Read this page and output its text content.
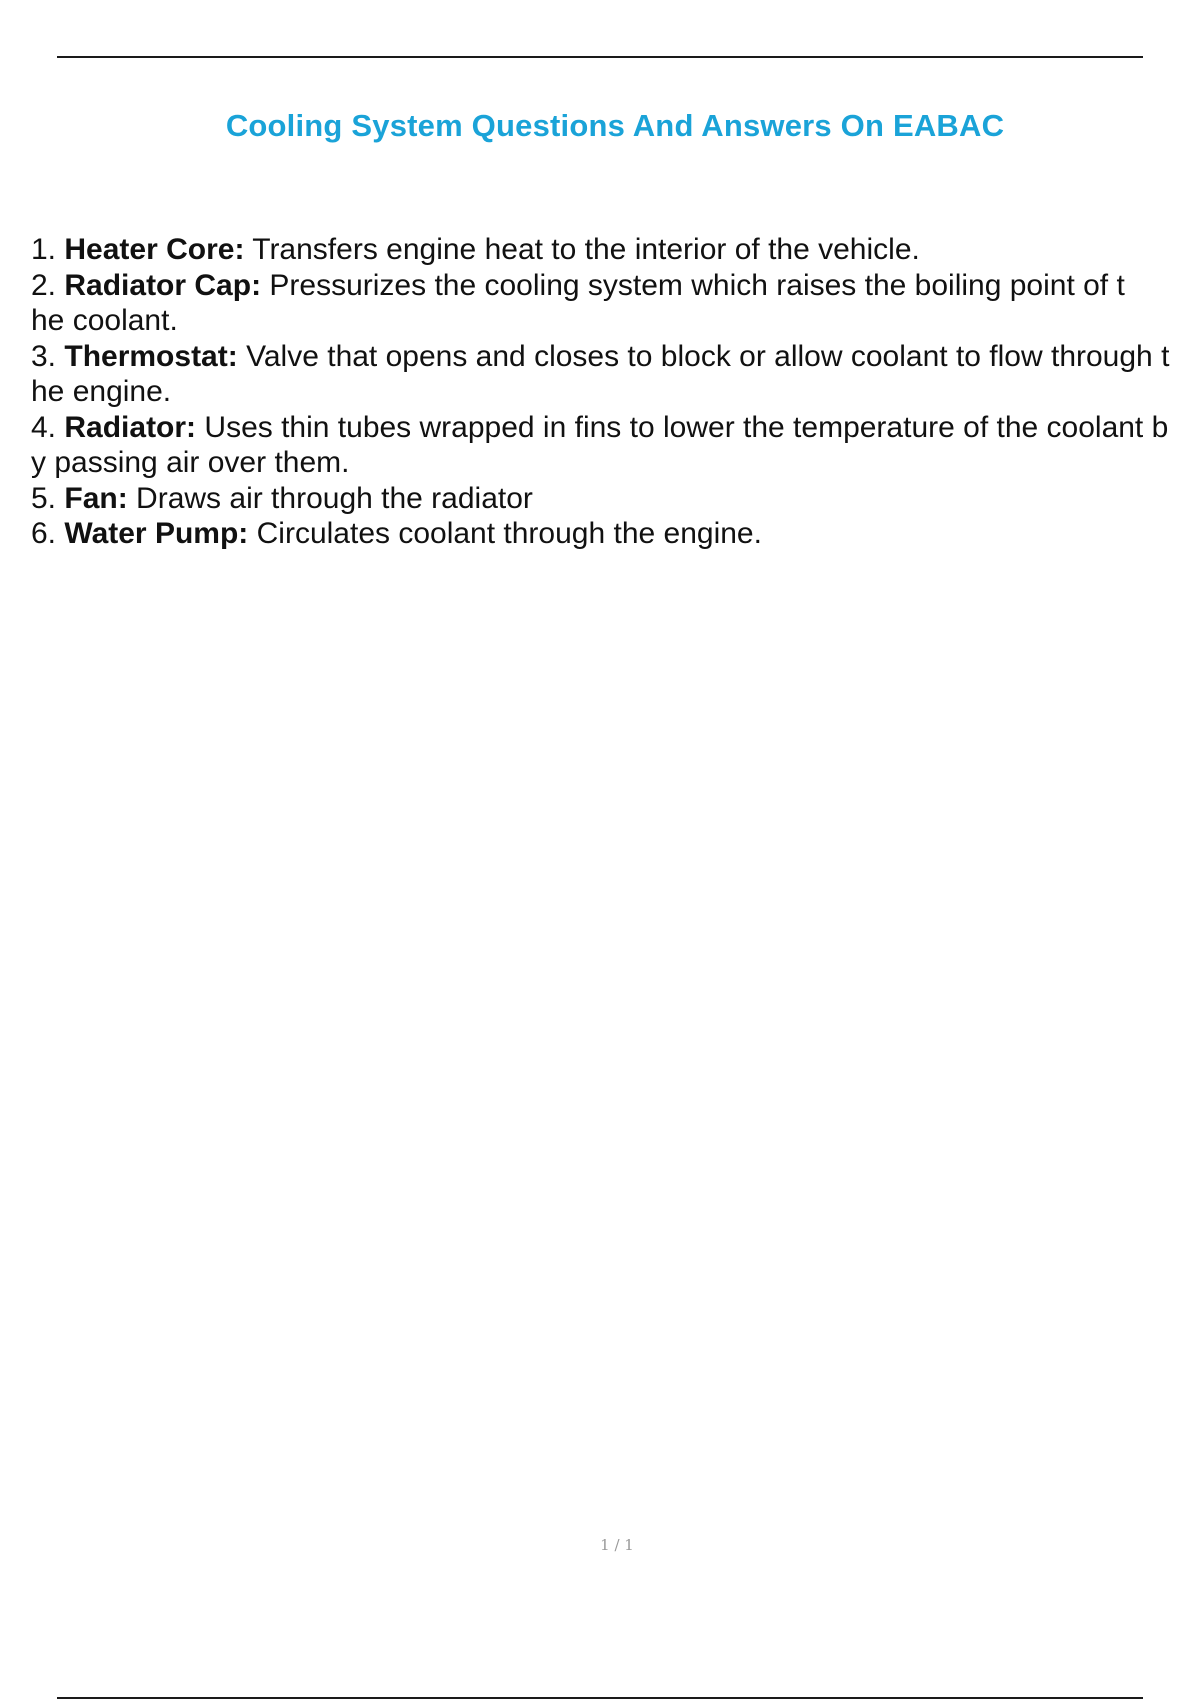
Cooling System Questions And Answers On EABAC
1. Heater Core: Transfers engine heat to the interior of the vehicle.
2. Radiator Cap: Pressurizes the cooling system which raises the boiling point of t
he coolant.
3. Thermostat: Valve that opens and closes to block or allow coolant to flow through t
he engine.
4. Radiator: Uses thin tubes wrapped in fins to lower the temperature of the coolant b
y passing air over them.
5. Fan: Draws air through the radiator
6. Water Pump: Circulates coolant through the engine.
1 / 1
